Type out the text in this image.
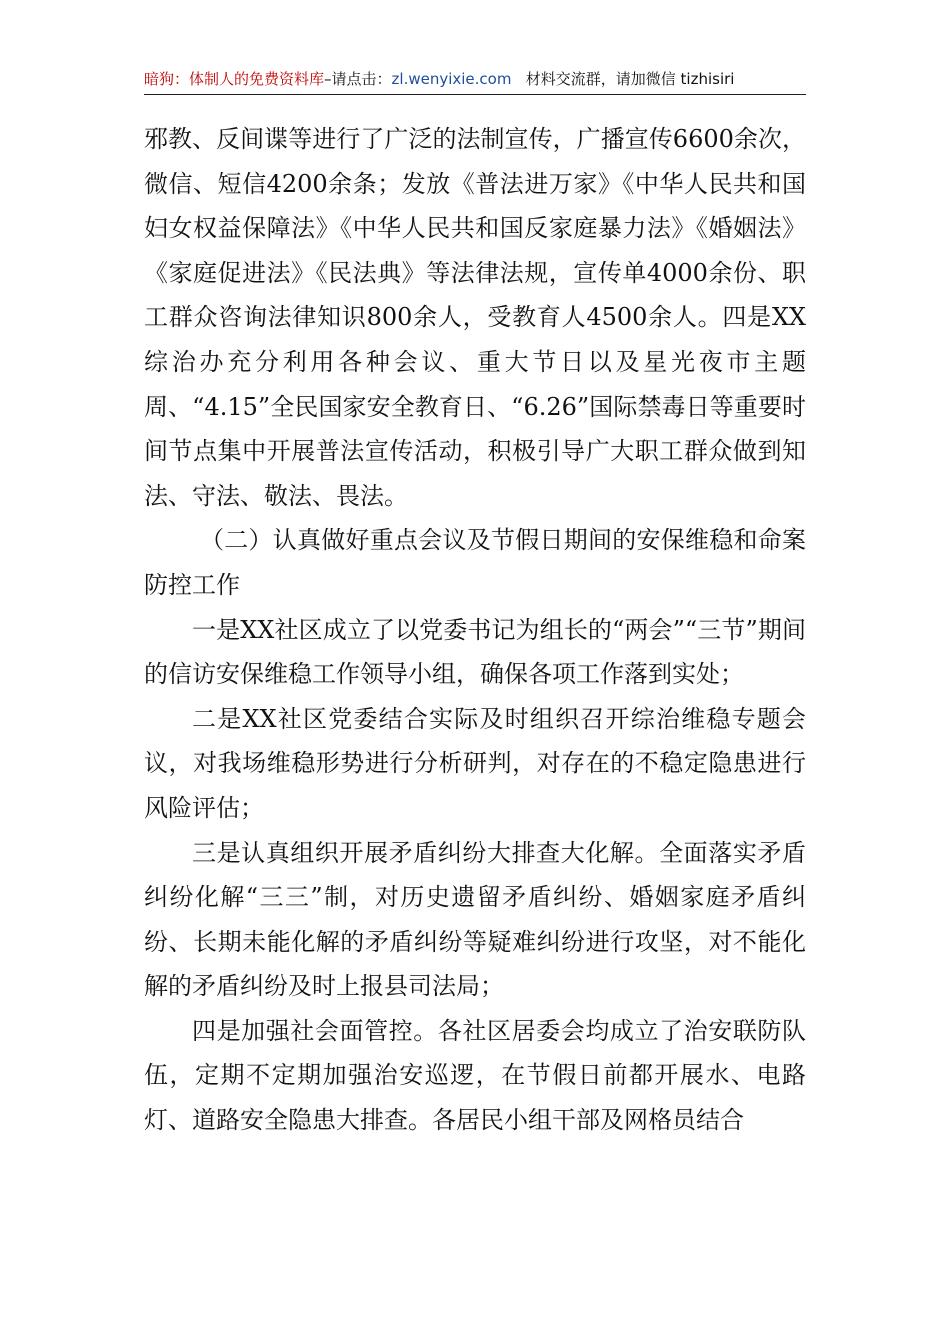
暗狗：体制人的免费资料库–请点击：zl.wenyixie.com 材料交流群，请加微信 tizhisiri

邪教、反间谍等进行了广泛的法制宣传，广播宣传6600余次，微信、短信4200余条；发放《普法进万家》《中华人民共和国妇女权益保障法》《中华人民共和国反家庭暴力法》《婚姻法》《家庭促进法》《民法典》等法律法规，宣传单4000余份、职工群众咨询法律知识800余人，受教育人4500余人。四是XX综治办充分利用各种会议、重大节日以及星光夜市主题周、“4.15”全民国家安全教育日、“6.26”国际禁毒日等重要时间节点集中开展普法宣传活动，积极引导广大职工群众做到知法、守法、敬法、畏法。

（二）认真做好重点会议及节假日期间的安保维稳和命案防控工作

一是XX社区成立了以党委书记为组长的“两会”“三节”期间的信访安保维稳工作领导小组，确保各项工作落到实处；

二是XX社区党委结合实际及时组织召开综治维稳专题会议，对我场维稳形势进行分析研判，对存在的不稳定隐患进行风险评估；

三是认真组织开展矛盾纠纷大排查大化解。全面落实矛盾纠纷化解“三三”制，对历史遗留矛盾纠纷、婚姻家庭矛盾纠纷、长期未能化解的矛盾纠纷等疑难纠纷进行攻坚，对不能化解的矛盾纠纷及时上报县司法局；

四是加强社会面管控。各社区居委会均成立了治安联防队伍，定期不定期加强治安巡逻，在节假日前都开展水、电路灯、道路安全隐患大排查。各居民小组干部及网格员结合
